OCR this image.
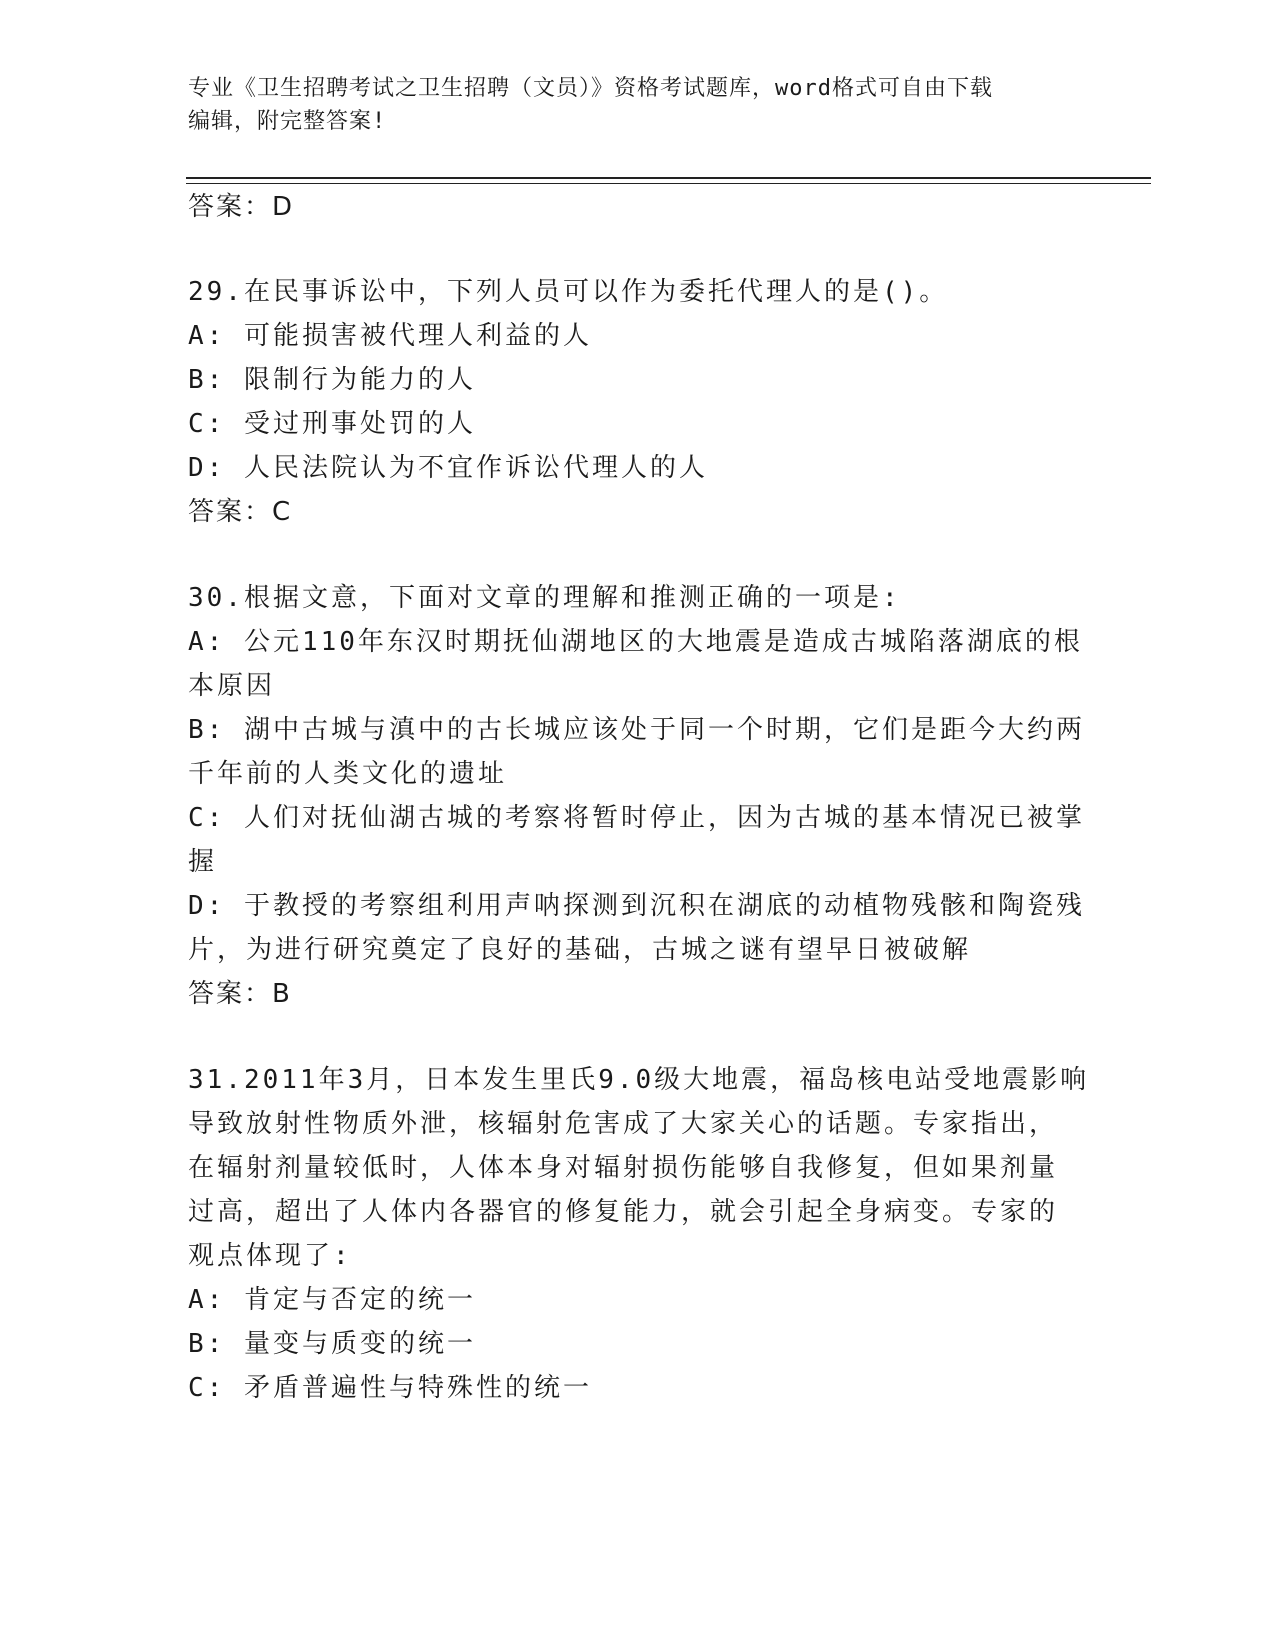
专业《卫生招聘考试之卫生招聘（文员）》资格考试题库，word格式可自由下载
编辑，附完整答案!
答案：D
29.在民事诉讼中，下列人员可以作为委托代理人的是()。
A: 可能损害被代理人利益的人
B: 限制行为能力的人
C: 受过刑事处罚的人
D: 人民法院认为不宜作诉讼代理人的人
答案：C
30.根据文意，下面对文章的理解和推测正确的一项是:
A: 公元110年东汉时期抚仙湖地区的大地震是造成古城陷落湖底的根
本原因
B: 湖中古城与滇中的古长城应该处于同一个时期，它们是距今大约两
千年前的人类文化的遗址
C: 人们对抚仙湖古城的考察将暂时停止，因为古城的基本情况已被掌
握
D: 于教授的考察组利用声呐探测到沉积在湖底的动植物残骸和陶瓷残
片，为进行研究奠定了良好的基础，古城之谜有望早日被破解
答案：B
31.2011年3月，日本发生里氏9.0级大地震，福岛核电站受地震影响
导致放射性物质外泄，核辐射危害成了大家关心的话题。专家指出，
在辐射剂量较低时，人体本身对辐射损伤能够自我修复，但如果剂量
过高，超出了人体内各器官的修复能力，就会引起全身病变。专家的
观点体现了:
A: 肯定与否定的统一
B: 量变与质变的统一
C: 矛盾普遍性与特殊性的统一
